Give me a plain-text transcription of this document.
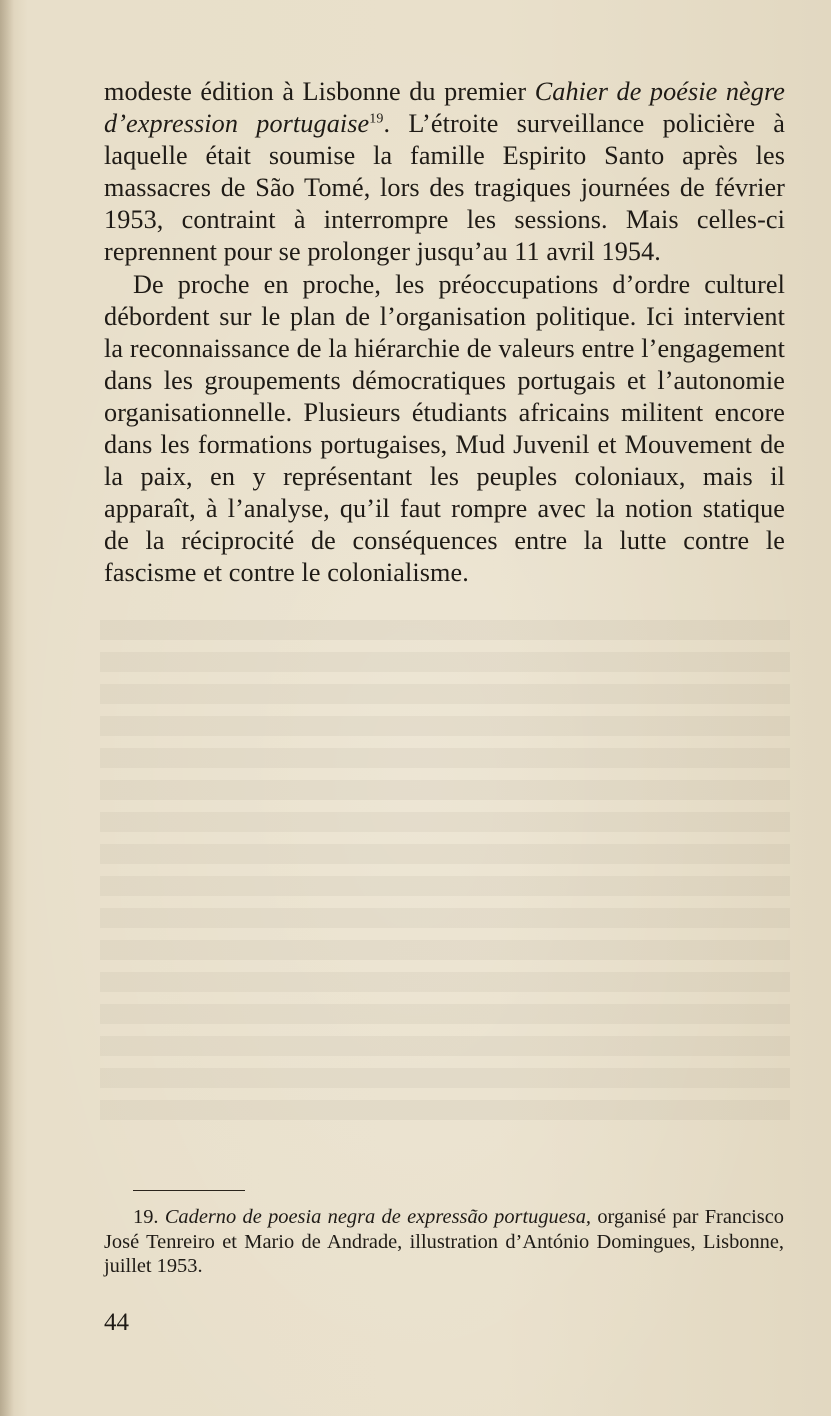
modeste édition à Lisbonne du premier Cahier de poésie nègre d’expression portugaise$^{19}$. L’étroite surveillance policière à laquelle était soumise la famille Espirito Santo après les massacres de São Tomé, lors des tragiques journées de février 1953, contraint à interrompre les sessions. Mais celles-ci reprennent pour se prolonger jusqu’au 11 avril 1954.

De proche en proche, les préoccupations d’ordre culturel débordent sur le plan de l’organisation politique. Ici intervient la reconnaissance de la hiérarchie de valeurs entre l’engagement dans les groupements démocratiques portugais et l’autonomie organisationnelle. Plusieurs étudiants africains militent encore dans les formations portugaises, Mud Juvenil et Mouvement de la paix, en y représentant les peuples coloniaux, mais il apparaît, à l’analyse, qu’il faut rompre avec la notion statique de la réciprocité de conséquences entre la lutte contre le fascisme et contre le colonialisme.

19. Caderno de poesia negra de expressão portuguesa, organisé par Francisco José Tenreiro et Mario de Andrade, illustration d’António Domingues, Lisbonne, juillet 1953.
44
